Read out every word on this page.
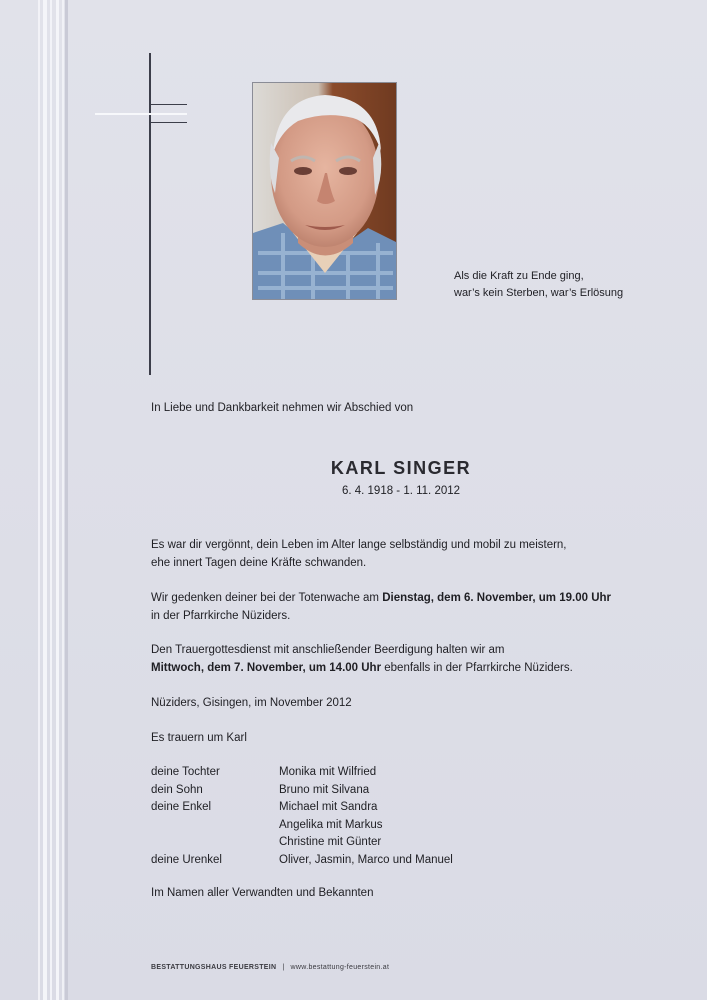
Als die Kraft zu Ende ging,
war’s kein Sterben, war’s Erlösung
In Liebe und Dankbarkeit nehmen wir Abschied von
KARL SINGER
6. 4. 1918 - 1. 11. 2012
Es war dir vergönnt, dein Leben im Alter lange selbständig und mobil zu meistern,
ehe innert Tagen deine Kräfte schwanden.
Wir gedenken deiner bei der Totenwache am Dienstag, dem 6. November, um 19.00 Uhr
in der Pfarrkirche Nüziders.
Den Trauergottesdienst mit anschließender Beerdigung halten wir am
Mittwoch, dem 7. November, um 14.00 Uhr ebenfalls in der Pfarrkirche Nüziders.
Nüziders, Gisingen, im November 2012
Es trauern um Karl
deine Tochter	Monika mit Wilfried
dein Sohn	Bruno mit Silvana
deine Enkel	Michael mit Sandra
Angelika mit Markus
Christine mit Günter
deine Urenkel	Oliver, Jasmin, Marco und Manuel
Im Namen aller Verwandten und Bekannten
BESTATTUNGSHAUS FEUERSTEIN | www.bestattung-feuerstein.at
